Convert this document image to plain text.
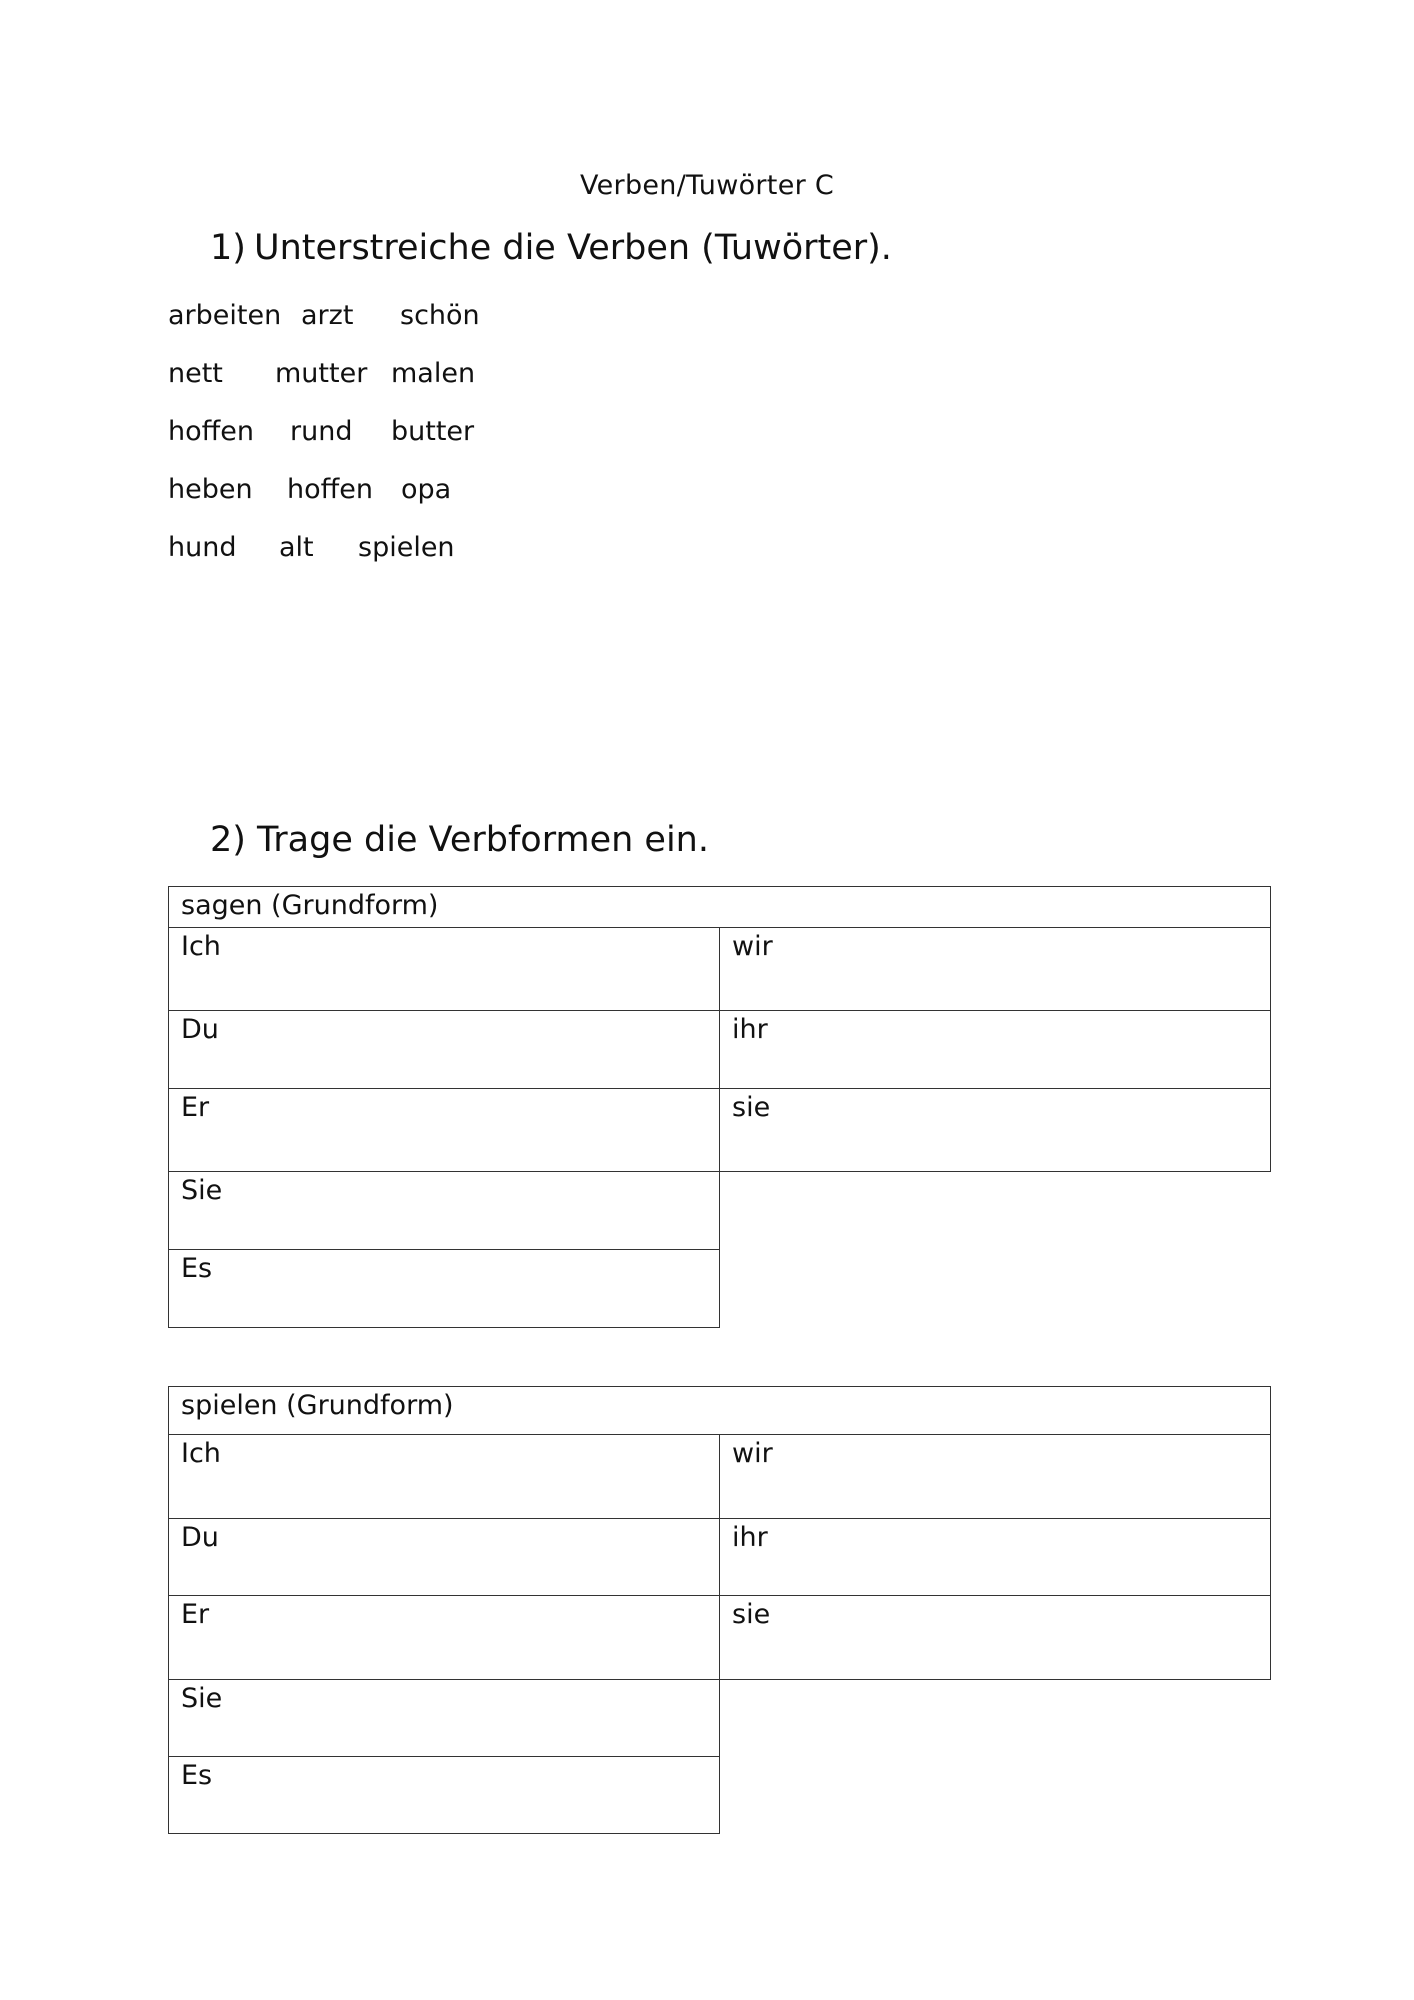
Verben/Tuwörter C
1) Unterstreiche die Verben (Tuwörter).
arbeiten arzt schön
nett mutter malen
hoffen rund butter
heben hoffen opa
hund alt spielen
2) Trage die Verbformen ein.
sagen (Grundform)	
Ich	wir
Du	ihr
Er	sie
Sie	
Es	
spielen (Grundform)	
Ich	wir
Du	ihr
Er	sie
Sie	
Es	
